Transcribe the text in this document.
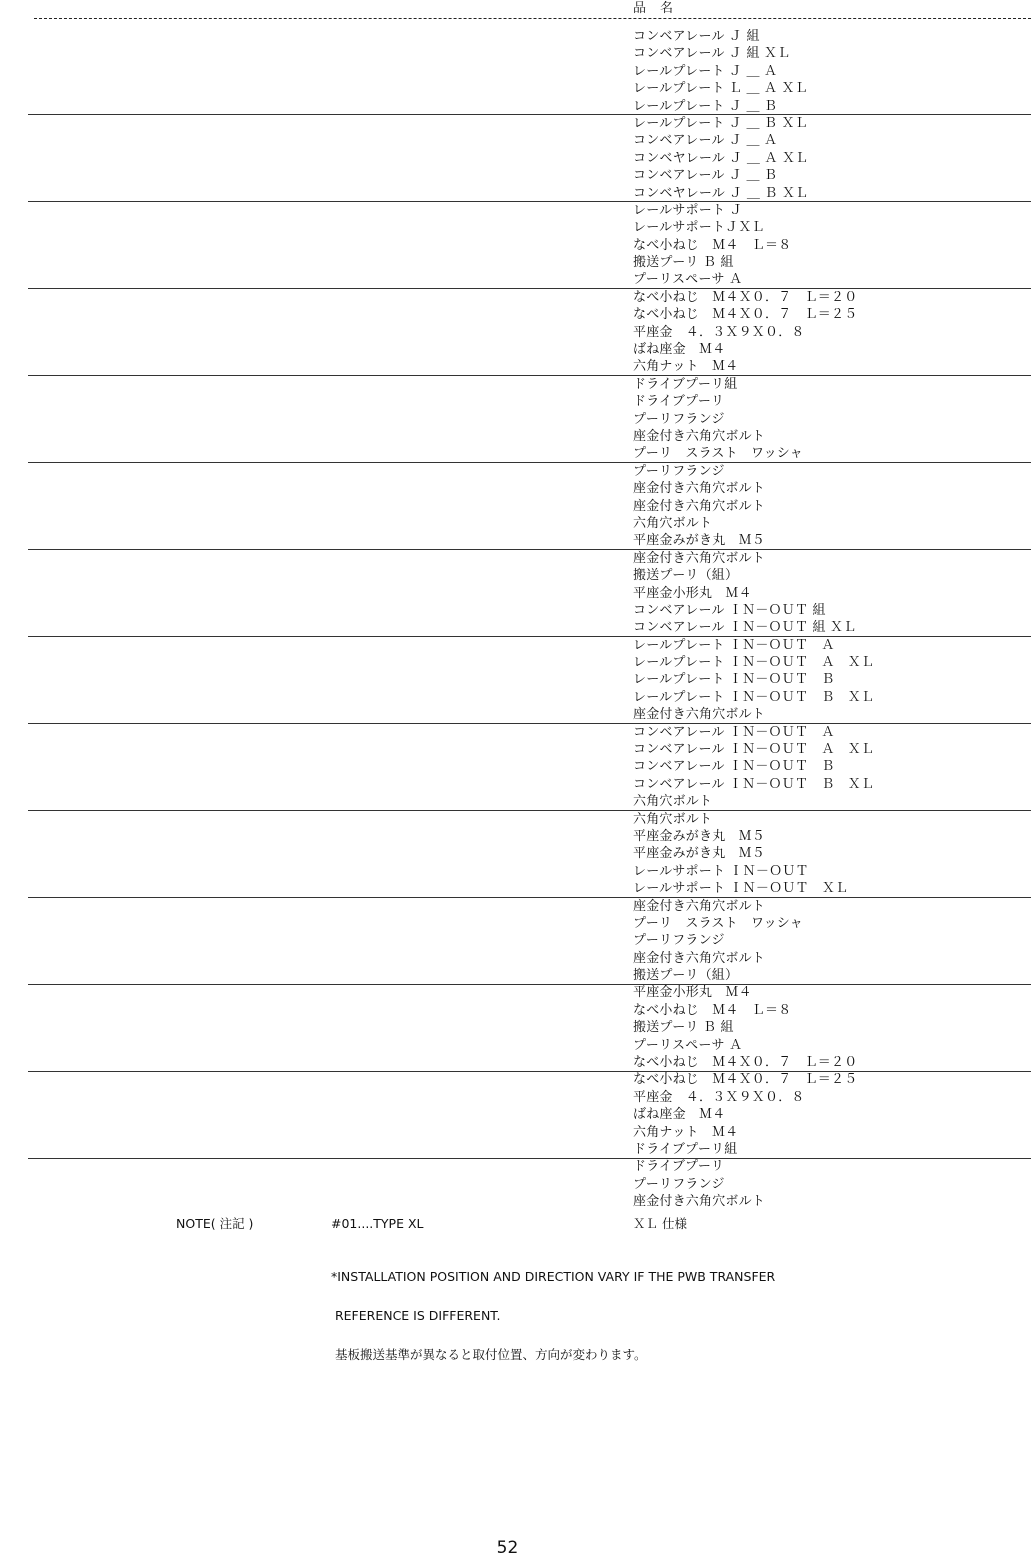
品　名
コンベアレール Ｊ 組
コンベアレール Ｊ 組 ＸＬ
レールプレート Ｊ ＿ Ａ
レールプレート Ｌ ＿ Ａ ＸＬ
レールプレート Ｊ ＿ Ｂ
レールプレート Ｊ ＿ Ｂ ＸＬ
コンベアレール Ｊ ＿ Ａ
コンベヤレール Ｊ ＿ Ａ ＸＬ
コンベアレール Ｊ ＿ Ｂ
コンベヤレール Ｊ ＿ Ｂ ＸＬ
レールサポート Ｊ
レールサポートＪＸＬ
なべ小ねじ　Ｍ４　Ｌ＝８
搬送プーリ Ｂ 組
プーリスペーサ Ａ
なべ小ねじ　Ｍ４Ｘ０．７　Ｌ＝２０
なべ小ねじ　Ｍ４Ｘ０．７　Ｌ＝２５
平座金　４．３Ｘ９Ｘ０．８
ばね座金　Ｍ４
六角ナット　Ｍ４
ドライブプーリ組
ドライブプーリ
プーリフランジ
座金付き六角穴ボルト
プーリ　スラスト　ワッシャ
プーリフランジ
座金付き六角穴ボルト
座金付き六角穴ボルト
六角穴ボルト
平座金みがき丸　Ｍ５
座金付き六角穴ボルト
搬送プーリ（組）
平座金小形丸　Ｍ４
コンベアレール ＩＮ－ＯＵＴ 組
コンベアレール ＩＮ－ＯＵＴ 組 ＸＬ
レールプレート ＩＮ－ＯＵＴ　Ａ
レールプレート ＩＮ－ＯＵＴ　Ａ　ＸＬ
レールプレート ＩＮ－ＯＵＴ　Ｂ
レールプレート ＩＮ－ＯＵＴ　Ｂ　ＸＬ
座金付き六角穴ボルト
コンベアレール ＩＮ－ＯＵＴ　Ａ
コンベアレール ＩＮ－ＯＵＴ　Ａ　ＸＬ
コンベアレール ＩＮ－ＯＵＴ　Ｂ
コンベアレール ＩＮ－ＯＵＴ　Ｂ　ＸＬ
六角穴ボルト
六角穴ボルト
平座金みがき丸　Ｍ５
平座金みがき丸　Ｍ５
レールサポート ＩＮ－ＯＵＴ
レールサポート ＩＮ－ＯＵＴ　ＸＬ
座金付き六角穴ボルト
プーリ　スラスト　ワッシャ
プーリフランジ
座金付き六角穴ボルト
搬送プーリ（組）
平座金小形丸　Ｍ４
なべ小ねじ　Ｍ４　Ｌ＝８
搬送プーリ Ｂ 組
プーリスペーサ Ａ
なべ小ねじ　Ｍ４Ｘ０．７　Ｌ＝２０
なべ小ねじ　Ｍ４Ｘ０．７　Ｌ＝２５
平座金　４．３Ｘ９Ｘ０．８
ばね座金　Ｍ４
六角ナット　Ｍ４
ドライブプーリ組
ドライブプーリ
プーリフランジ
座金付き六角穴ボルト
NOTE( 注記 )	#01....TYPE XL	ＸＬ 仕様

*INSTALLATION POSITION AND DIRECTION VARY IF THE PWB TRANSFER

REFERENCE IS DIFFERENT.

基板搬送基準が異なると取付位置、方向が変わります。

52
